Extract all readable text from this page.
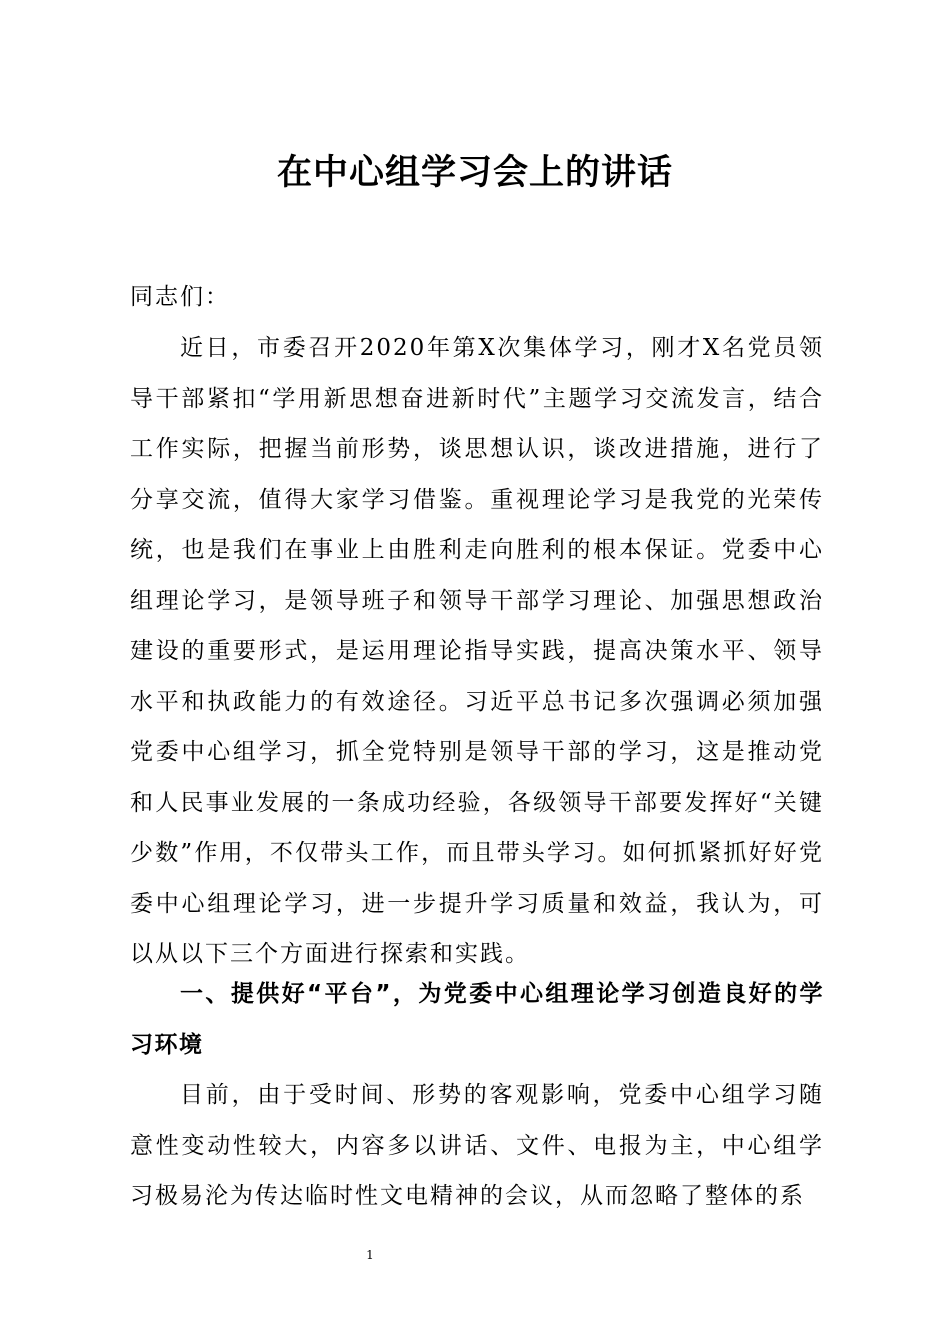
在中心组学习会上的讲话
同志们：
近日，市委召开2020年第X次集体学习，刚才X名党员领导干部紧扣“学用新思想奋进新时代”主题学习交流发言，结合工作实际，把握当前形势，谈思想认识，谈改进措施，进行了分享交流，值得大家学习借鉴。重视理论学习是我党的光荣传统，也是我们在事业上由胜利走向胜利的根本保证。党委中心组理论学习，是领导班子和领导干部学习理论、加强思想政治建设的重要形式，是运用理论指导实践，提高决策水平、领导水平和执政能力的有效途径。习近平总书记多次强调必须加强党委中心组学习，抓全党特别是领导干部的学习，这是推动党和人民事业发展的一条成功经验，各级领导干部要发挥好“关键少数”作用，不仅带头工作，而且带头学习。如何抓紧抓好好党委中心组理论学习，进一步提升学习质量和效益，我认为，可以从以下三个方面进行探索和实践。
一、提供好“平台”，为党委中心组理论学习创造良好的学习环境
目前，由于受时间、形势的客观影响，党委中心组学习随意性变动性较大，内容多以讲话、文件、电报为主，中心组学习极易沦为传达临时性文电精神的会议，从而忽略了整体的系
1
